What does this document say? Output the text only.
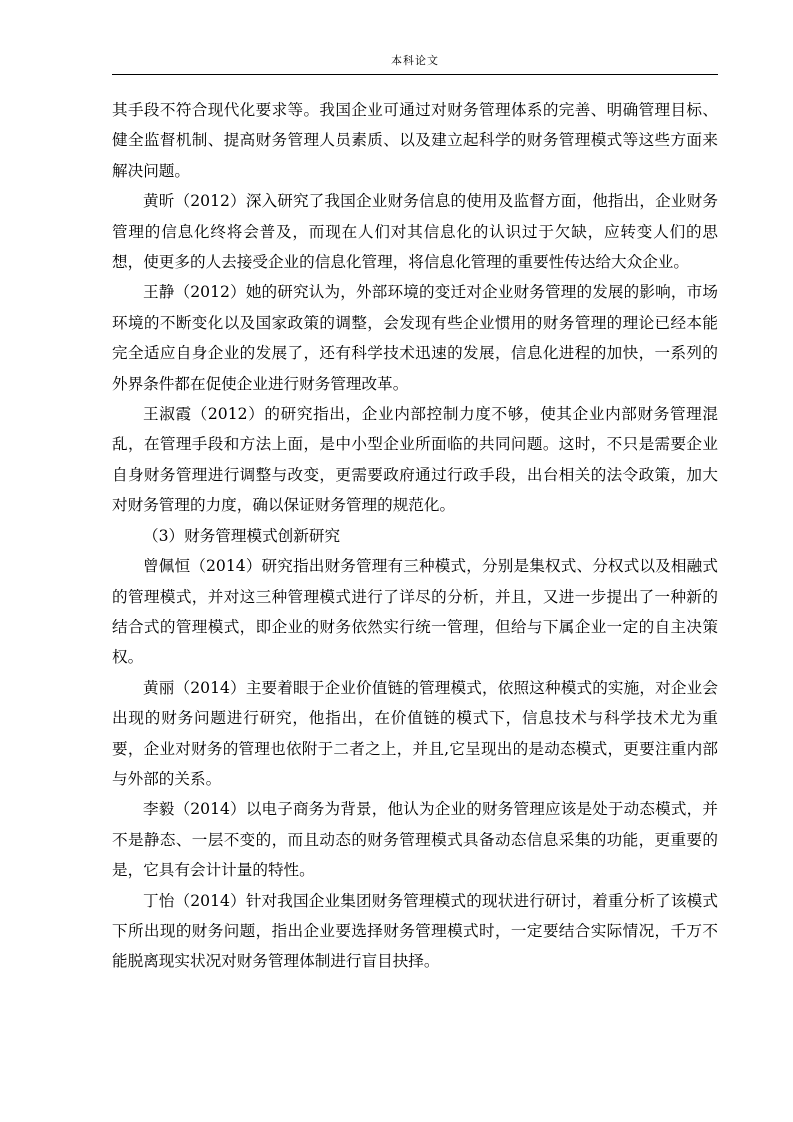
本科论文

其手段不符合现代化要求等。我国企业可通过对财务管理体系的完善、明确管理目标、健全监督机制、提高财务管理人员素质、以及建立起科学的财务管理模式等这些方面来解决问题。

黄昕（2012）深入研究了我国企业财务信息的使用及监督方面，他指出，企业财务管理的信息化终将会普及，而现在人们对其信息化的认识过于欠缺，应转变人们的思想，使更多的人去接受企业的信息化管理，将信息化管理的重要性传达给大众企业。

王静（2012）她的研究认为，外部环境的变迁对企业财务管理的发展的影响，市场环境的不断变化以及国家政策的调整，会发现有些企业惯用的财务管理的理论已经本能完全适应自身企业的发展了，还有科学技术迅速的发展，信息化进程的加快，一系列的外界条件都在促使企业进行财务管理改革。

王淑霞（2012）的研究指出，企业内部控制力度不够，使其企业内部财务管理混乱，在管理手段和方法上面，是中小型企业所面临的共同问题。这时，不只是需要企业自身财务管理进行调整与改变，更需要政府通过行政手段，出台相关的法令政策，加大对财务管理的力度，确以保证财务管理的规范化。

（3）财务管理模式创新研究

曾佩恒（2014）研究指出财务管理有三种模式，分别是集权式、分权式以及相融式的管理模式，并对这三种管理模式进行了详尽的分析，并且，又进一步提出了一种新的结合式的管理模式，即企业的财务依然实行统一管理，但给与下属企业一定的自主决策权。

黄丽（2014）主要着眼于企业价值链的管理模式，依照这种模式的实施，对企业会出现的财务问题进行研究，他指出，在价值链的模式下，信息技术与科学技术尤为重要，企业对财务的管理也依附于二者之上，并且,它呈现出的是动态模式，更要注重内部与外部的关系。

李毅（2014）以电子商务为背景，他认为企业的财务管理应该是处于动态模式，并不是静态、一层不变的，而且动态的财务管理模式具备动态信息采集的功能，更重要的是，它具有会计计量的特性。

丁怡（2014）针对我国企业集团财务管理模式的现状进行研讨，着重分析了该模式下所出现的财务问题，指出企业要选择财务管理模式时，一定要结合实际情况，千万不能脱离现实状况对财务管理体制进行盲目抉择。
